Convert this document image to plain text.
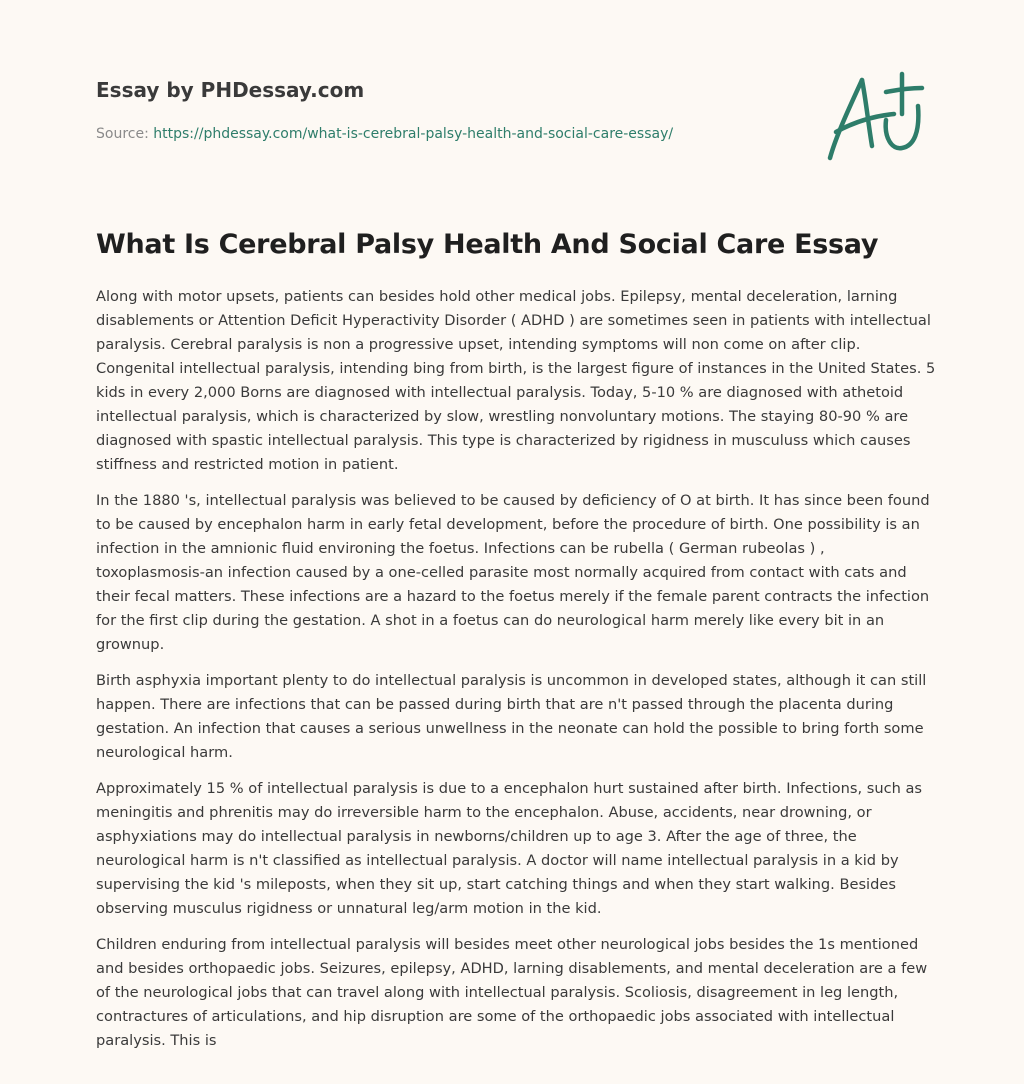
Essay by PHDessay.com
Source: https://phdessay.com/what-is-cerebral-palsy-health-and-social-care-essay/
What Is Cerebral Palsy Health And Social Care Essay

Along with motor upsets, patients can besides hold other medical jobs. Epilepsy, mental deceleration, larning disablements or Attention Deficit Hyperactivity Disorder ( ADHD ) are sometimes seen in patients with intellectual paralysis. Cerebral paralysis is non a progressive upset, intending symptoms will non come on after clip. Congenital intellectual paralysis, intending bing from birth, is the largest figure of instances in the United States. 5 kids in every 2,000 Borns are diagnosed with intellectual paralysis. Today, 5-10 % are diagnosed with athetoid intellectual paralysis, which is characterized by slow, wrestling nonvoluntary motions. The staying 80-90 % are diagnosed with spastic intellectual paralysis. This type is characterized by rigidness in musculuss which causes stiffness and restricted motion in patient.

In the 1880 's, intellectual paralysis was believed to be caused by deficiency of O at birth. It has since been found to be caused by encephalon harm in early fetal development, before the procedure of birth. One possibility is an infection in the amnionic fluid environing the foetus. Infections can be rubella ( German rubeolas ) , toxoplasmosis-an infection caused by a one-celled parasite most normally acquired from contact with cats and their fecal matters. These infections are a hazard to the foetus merely if the female parent contracts the infection for the first clip during the gestation. A shot in a foetus can do neurological harm merely like every bit in an grownup.

Birth asphyxia important plenty to do intellectual paralysis is uncommon in developed states, although it can still happen. There are infections that can be passed during birth that are n't passed through the placenta during gestation. An infection that causes a serious unwellness in the neonate can hold the possible to bring forth some neurological harm.

Approximately 15 % of intellectual paralysis is due to a encephalon hurt sustained after birth. Infections, such as meningitis and phrenitis may do irreversible harm to the encephalon. Abuse, accidents, near drowning, or asphyxiations may do intellectual paralysis in newborns/children up to age 3. After the age of three, the neurological harm is n't classified as intellectual paralysis. A doctor will name intellectual paralysis in a kid by supervising the kid 's mileposts, when they sit up, start catching things and when they start walking. Besides observing musculus rigidness or unnatural leg/arm motion in the kid.

Children enduring from intellectual paralysis will besides meet other neurological jobs besides the 1s mentioned and besides orthopaedic jobs. Seizures, epilepsy, ADHD, larning disablements, and mental deceleration are a few of the neurological jobs that can travel along with intellectual paralysis. Scoliosis, disagreement in leg length, contractures of articulations, and hip disruption are some of the orthopaedic jobs associated with intellectual paralysis. This is
